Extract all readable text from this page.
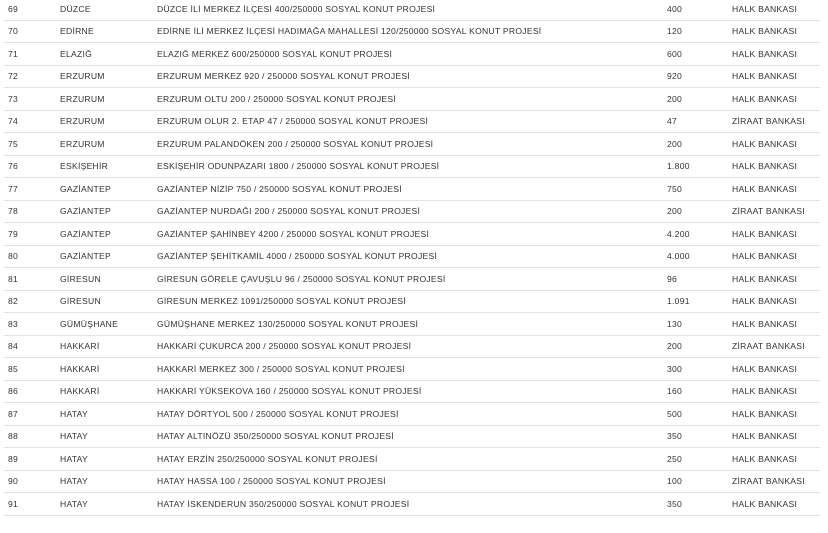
69	DÜZCE	DÜZCE İLİ MERKEZ İLÇESİ 400/250000 SOSYAL KONUT PROJESİ	400	HALK BANKASI
70	EDİRNE	EDİRNE İLİ MERKEZ İLÇESİ HADIMAĞA MAHALLESİ 120/250000 SOSYAL KONUT PROJESİ	120	HALK BANKASI
71	ELAZIĞ	ELAZIĞ MERKEZ 600/250000 SOSYAL KONUT PROJESİ	600	HALK BANKASI
72	ERZURUM	ERZURUM MERKEZ 920 / 250000 SOSYAL KONUT PROJESİ	920	HALK BANKASI
73	ERZURUM	ERZURUM OLTU 200 / 250000 SOSYAL KONUT PROJESİ	200	HALK BANKASI
74	ERZURUM	ERZURUM OLUR 2. ETAP 47 / 250000 SOSYAL KONUT PROJESİ	47	ZİRAAT BANKASI
75	ERZURUM	ERZURUM PALANDÖKEN 200 / 250000 SOSYAL KONUT PROJESİ	200	HALK BANKASI
76	ESKİŞEHİR	ESKİŞEHİR ODUNPAZARI 1800 / 250000 SOSYAL KONUT PROJESİ	1.800	HALK BANKASI
77	GAZİANTEP	GAZİANTEP NİZİP 750 / 250000 SOSYAL KONUT PROJESİ	750	HALK BANKASI
78	GAZİANTEP	GAZİANTEP NURDAĞI 200 / 250000 SOSYAL KONUT PROJESİ	200	ZİRAAT BANKASI
79	GAZİANTEP	GAZİANTEP ŞAHİNBEY 4200 / 250000 SOSYAL KONUT PROJESİ	4.200	HALK BANKASI
80	GAZİANTEP	GAZİANTEP ŞEHİTKAMİL 4000 / 250000 SOSYAL KONUT PROJESİ	4.000	HALK BANKASI
81	GİRESUN	GİRESUN GÖRELE ÇAVUŞLU 96 / 250000 SOSYAL KONUT PROJESİ	96	HALK BANKASI
82	GİRESUN	GİRESUN MERKEZ 1091/250000 SOSYAL KONUT PROJESİ	1.091	HALK BANKASI
83	GÜMÜŞHANE	GÜMÜŞHANE MERKEZ 130/250000 SOSYAL KONUT PROJESİ	130	HALK BANKASI
84	HAKKARİ	HAKKARİ ÇUKURCA 200 / 250000 SOSYAL KONUT PROJESİ	200	ZİRAAT BANKASI
85	HAKKARİ	HAKKARİ MERKEZ 300 / 250000 SOSYAL KONUT PROJESİ	300	HALK BANKASI
86	HAKKARİ	HAKKARİ YÜKSEKOVA 160 / 250000 SOSYAL KONUT PROJESİ	160	HALK BANKASI
87	HATAY	HATAY DÖRTYOL 500 / 250000 SOSYAL KONUT PROJESİ	500	HALK BANKASI
88	HATAY	HATAY ALTINÖZÜ 350/250000 SOSYAL KONUT PROJESİ	350	HALK BANKASI
89	HATAY	HATAY ERZİN 250/250000 SOSYAL KONUT PROJESİ	250	HALK BANKASI
90	HATAY	HATAY HASSA 100 / 250000 SOSYAL KONUT PROJESİ	100	ZİRAAT BANKASI
91	HATAY	HATAY İSKENDERUN 350/250000 SOSYAL KONUT PROJESİ	350	HALK BANKASI
